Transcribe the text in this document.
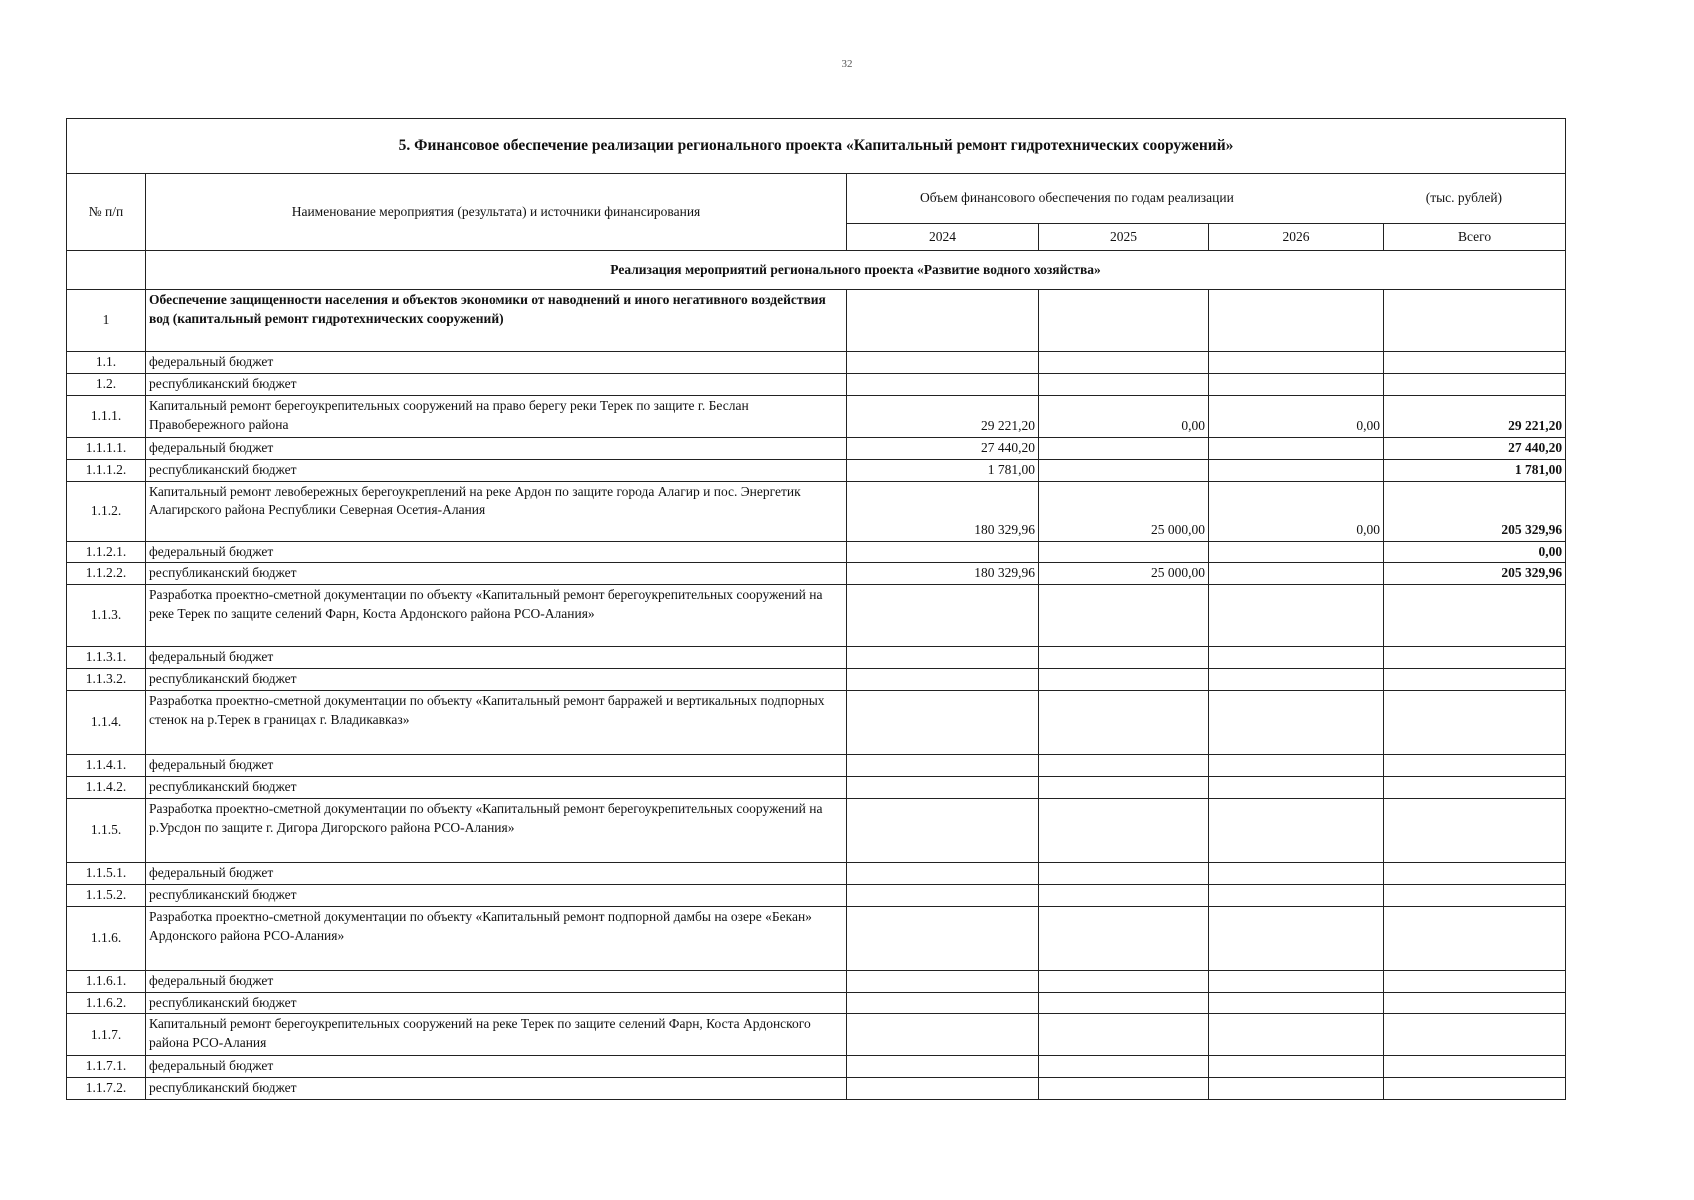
32
5. Финансовое обеспечение реализации регионального проекта «Капитальный ремонт гидротехнических сооружений»					
№ п/п	Наименование мероприятия (результата) и источники финансирования	Объем финансового обеспечения по годам реализации (тыс. рублей)			

		2024	2025	2026	Всего
	Реализация мероприятий регионального проекта «Развитие водного хозяйства»				
1	Обеспечение защищенности населения и объектов экономики от наводнений и иного негативного воздействия вод (капитальный ремонт гидротехнических сооружений)				
1.1.	федеральный бюджет				
1.2.	республиканский бюджет				
1.1.1.	Капитальный ремонт берегоукрепительных сооружений на право берегу реки Терек по защите г. Беслан Правобережного района	29 221,20	0,00	0,00	29 221,20
1.1.1.1.	федеральный бюджет	27 440,20			27 440,20
1.1.1.2.	республиканский бюджет	1 781,00			1 781,00
1.1.2.	Капитальный ремонт левобережных берегоукреплений на реке Ардон по защите города Алагир и пос. Энергетик Алагирского района Республики Северная Осетия-Алания	180 329,96	25 000,00	0,00	205 329,96
1.1.2.1.	федеральный бюджет				0,00
1.1.2.2.	республиканский бюджет	180 329,96	25 000,00		205 329,96
1.1.3.	Разработка проектно-сметной документации по объекту «Капитальный ремонт берегоукрепительных сооружений на реке Терек по защите селений Фарн, Коста Ардонского района РСО-Алания»				
1.1.3.1.	федеральный бюджет				
1.1.3.2.	республиканский бюджет				
1.1.4.	Разработка проектно-сметной документации по объекту «Капитальный ремонт барражей и вертикальных подпорных стенок на р.Терек в границах г. Владикавказ»				
1.1.4.1.	федеральный бюджет				
1.1.4.2.	республиканский бюджет				
1.1.5.	Разработка проектно-сметной документации по объекту «Капитальный ремонт берегоукрепительных сооружений на р.Урсдон по защите г. Дигора Дигорского района РСО-Алания»				
1.1.5.1.	федеральный бюджет				
1.1.5.2.	республиканский бюджет				
1.1.6.	Разработка проектно-сметной документации по объекту «Капитальный ремонт подпорной дамбы на озере «Бекан» Ардонского района РСО-Алания»				
1.1.6.1.	федеральный бюджет				
1.1.6.2.	республиканский бюджет				
1.1.7.	Капитальный ремонт берегоукрепительных сооружений на реке Терек по защите селений Фарн, Коста Ардонского района РСО-Алания				
1.1.7.1.	федеральный бюджет				
1.1.7.2.	республиканский бюджет				
